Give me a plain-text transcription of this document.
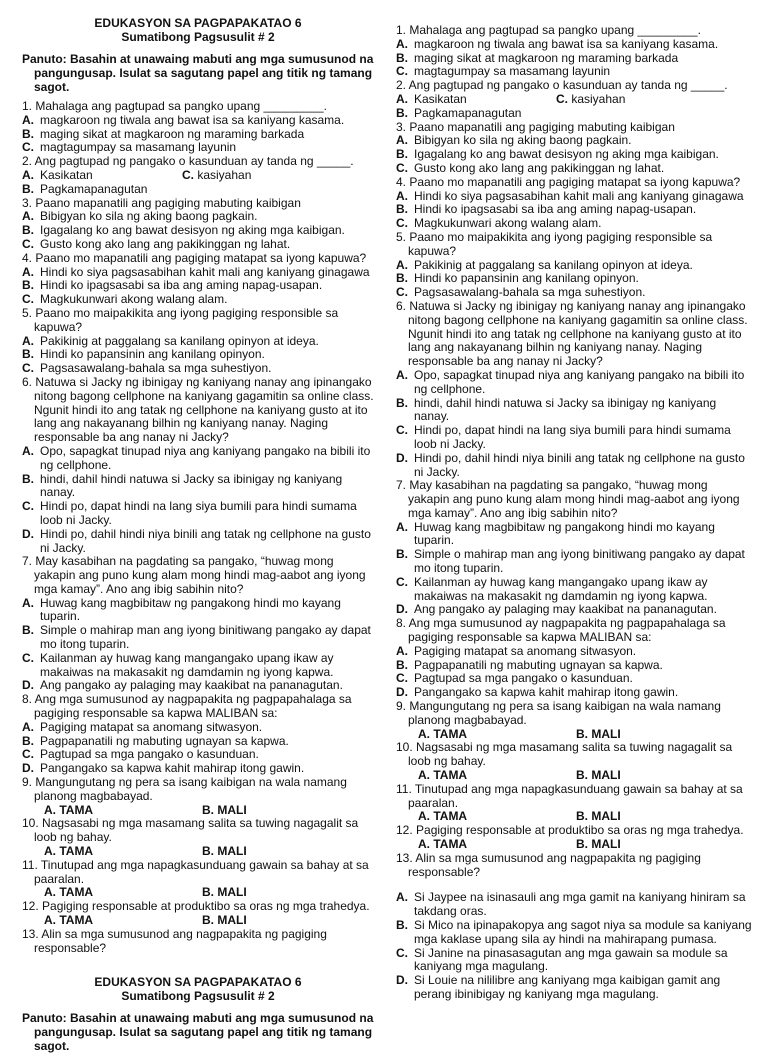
EDUKASYON SA PAGPAPAKATAO 6
Sumatibong Pagsusulit # 2
Panuto: Basahin at unawaing mabuti ang mga sumusunod na pangungusap. Isulat sa sagutang papel ang titik ng tamang sagot.
1. Mahalaga ang pagtupad sa pangko upang _________.
A. magkaroon ng tiwala ang bawat isa sa kaniyang kasama.
B. maging sikat at magkaroon ng maraming barkada
C. magtagumpay sa masamang layunin
2. Ang pagtupad ng pangako o kasunduan ay tanda ng _____.
A. Kasikatan	C. kasiyahan
B. Pagkamapanagutan
3. Paano mapanatili ang pagiging mabuting kaibigan
A. Bibigyan ko sila ng aking baong pagkain.
B. Igagalang ko ang bawat desisyon ng aking mga kaibigan.
C. Gusto kong ako lang ang pakikinggan ng lahat.
4. Paano mo mapanatili ang pagiging matapat sa iyong kapuwa?
A. Hindi ko siya pagsasabihan kahit mali ang kaniyang ginagawa
B. Hindi ko ipagsasabi sa iba ang aming napag-usapan.
C. Magkukunwari akong walang alam.
5. Paano mo maipakikita ang iyong pagiging responsible sa kapuwa?
A. Pakikinig at paggalang sa kanilang opinyon at ideya.
B. Hindi ko papansinin ang kanilang opinyon.
C. Pagsasawalang-bahala sa mga suhestiyon.
6. Natuwa si Jacky ng ibinigay ng kaniyang nanay ang ipinangako nitong bagong cellphone na kaniyang gagamitin sa online class. Ngunit hindi ito ang tatak ng cellphone na kaniyang gusto at ito lang ang nakayanang bilhin ng kaniyang nanay. Naging responsable ba ang nanay ni Jacky?
A. Opo, sapagkat tinupad niya ang kaniyang pangako na bibili ito ng cellphone.
B. hindi, dahil hindi natuwa si Jacky sa ibinigay ng kaniyang nanay.
C. Hindi po, dapat hindi na lang siya bumili para hindi sumama loob ni Jacky.
D. Hindi po, dahil hindi niya binili ang tatak ng cellphone na gusto ni Jacky.
7. May kasabihan na pagdating sa pangako, “huwag mong yakapin ang puno kung alam mong hindi mag-aabot ang iyong mga kamay”. Ano ang ibig sabihin nito?
A. Huwag kang magbibitaw ng pangakong hindi mo kayang tuparin.
B. Simple o mahirap man ang iyong binitiwang pangako ay dapat mo itong tuparin.
C. Kailanman ay huwag kang mangangako upang ikaw ay makaiwas na makasakit ng damdamin ng iyong kapwa.
D. Ang pangako ay palaging may kaakibat na pananagutan.
8. Ang mga sumusunod ay nagpapakita ng pagpapahalaga sa pagiging responsable sa kapwa MALIBAN sa:
A. Pagiging matapat sa anomang sitwasyon.
B. Pagpapanatili ng mabuting ugnayan sa kapwa.
C. Pagtupad sa mga pangako o kasunduan.
D. Pangangako sa kapwa kahit mahirap itong gawin.
9. Mangungutang ng pera sa isang kaibigan na wala namang planong magbabayad.
A. TAMA	B. MALI
10. Nagsasabi ng mga masamang salita sa tuwing nagagalit sa loob ng bahay.
A. TAMA	B. MALI
11. Tinutupad ang mga napagkasunduang gawain sa bahay at sa paaralan.
A. TAMA	B. MALI
12. Pagiging responsable at produktibo sa oras ng mga trahedya.
A. TAMA	B. MALI
13. Alin sa mga sumusunod ang nagpapakita ng pagiging responsable?
EDUKASYON SA PAGPAPAKATAO 6
Sumatibong Pagsusulit # 2
Panuto: Basahin at unawaing mabuti ang mga sumusunod na pangungusap. Isulat sa sagutang papel ang titik ng tamang sagot.
1. Mahalaga ang pagtupad sa pangko upang _________.
A. magkaroon ng tiwala ang bawat isa sa kaniyang kasama.
B. maging sikat at magkaroon ng maraming barkada
C. magtagumpay sa masamang layunin
2. Ang pagtupad ng pangako o kasunduan ay tanda ng _____.
A. Kasikatan	C. kasiyahan
B. Pagkamapanagutan
3. Paano mapanatili ang pagiging mabuting kaibigan
A. Bibigyan ko sila ng aking baong pagkain.
B. Igagalang ko ang bawat desisyon ng aking mga kaibigan.
C. Gusto kong ako lang ang pakikinggan ng lahat.
4. Paano mo mapanatili ang pagiging matapat sa iyong kapuwa?
A. Hindi ko siya pagsasabihan kahit mali ang kaniyang ginagawa
B. Hindi ko ipagsasabi sa iba ang aming napag-usapan.
C. Magkukunwari akong walang alam.
5. Paano mo maipakikita ang iyong pagiging responsible sa kapuwa?
A. Pakikinig at paggalang sa kanilang opinyon at ideya.
B. Hindi ko papansinin ang kanilang opinyon.
C. Pagsasawalang-bahala sa mga suhestiyon.
6. Natuwa si Jacky ng ibinigay ng kaniyang nanay ang ipinangako nitong bagong cellphone na kaniyang gagamitin sa online class. Ngunit hindi ito ang tatak ng cellphone na kaniyang gusto at ito lang ang nakayanang bilhin ng kaniyang nanay. Naging responsable ba ang nanay ni Jacky?
A. Opo, sapagkat tinupad niya ang kaniyang pangako na bibili ito ng cellphone.
B. hindi, dahil hindi natuwa si Jacky sa ibinigay ng kaniyang nanay.
C. Hindi po, dapat hindi na lang siya bumili para hindi sumama loob ni Jacky.
D. Hindi po, dahil hindi niya binili ang tatak ng cellphone na gusto ni Jacky.
7. May kasabihan na pagdating sa pangako, “huwag mong yakapin ang puno kung alam mong hindi mag-aabot ang iyong mga kamay”. Ano ang ibig sabihin nito?
A. Huwag kang magbibitaw ng pangakong hindi mo kayang tuparin.
B. Simple o mahirap man ang iyong binitiwang pangako ay dapat mo itong tuparin.
C. Kailanman ay huwag kang mangangako upang ikaw ay makaiwas na makasakit ng damdamin ng iyong kapwa.
D. Ang pangako ay palaging may kaakibat na pananagutan.
8. Ang mga sumusunod ay nagpapakita ng pagpapahalaga sa pagiging responsable sa kapwa MALIBAN sa:
A. Pagiging matapat sa anomang sitwasyon.
B. Pagpapanatili ng mabuting ugnayan sa kapwa.
C. Pagtupad sa mga pangako o kasunduan.
D. Pangangako sa kapwa kahit mahirap itong gawin.
9. Mangungutang ng pera sa isang kaibigan na wala namang planong magbabayad.
A. TAMA	B. MALI
10. Nagsasabi ng mga masamang salita sa tuwing nagagalit sa loob ng bahay.
A. TAMA	B. MALI
11. Tinutupad ang mga napagkasunduang gawain sa bahay at sa paaralan.
A. TAMA	B. MALI
12. Pagiging responsable at produktibo sa oras ng mga trahedya.
A. TAMA	B. MALI
13. Alin sa mga sumusunod ang nagpapakita ng pagiging responsable?
A. Si Jaypee na isinasauli ang mga gamit na kaniyang hiniram sa takdang oras.
B. Si Mico na ipinapakopya ang sagot niya sa module sa kaniyang mga kaklase upang sila ay hindi na mahirapang pumasa.
C. Si Janine na pinasasagutan ang mga gawain sa module sa kaniyang mga magulang.
D. Si Louie na nililibre ang kaniyang mga kaibigan gamit ang perang ibinibigay ng kaniyang mga magulang.
